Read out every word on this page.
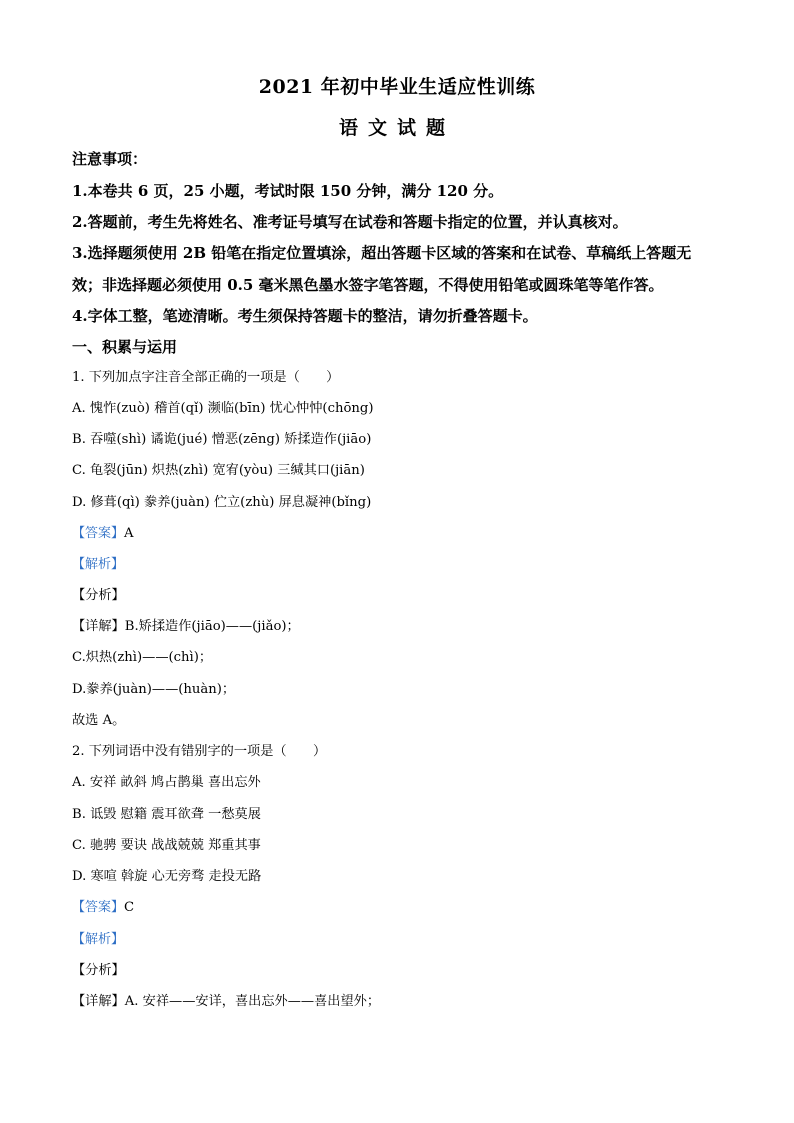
2021 年初中毕业生适应性训练
语文试题
注意事项：
1.本卷共 6 页，25 小题，考试时限 150 分钟，满分 120 分。
2.答题前，考生先将姓名、准考证号填写在试卷和答题卡指定的位置，并认真核对。
3.选择题须使用 2B 铅笔在指定位置填涂，超出答题卡区域的答案和在试卷、草稿纸上答题无
效；非选择题必须使用 0.5 毫米黑色墨水签字笔答题，不得使用铅笔或圆珠笔等笔作答。
4.字体工整，笔迹清晰。考生须保持答题卡的整洁，请勿折叠答题卡。
一、积累与运用
1. 下列加点字注音全部正确的一项是（　　）
A. 愧怍(zuò) 稽首(qǐ) 濒临(bīn) 忧心忡忡(chōng)
B. 吞噬(shì) 谲诡(jué) 憎恶(zēng) 矫揉造作(jiāo)
C. 龟裂(jūn) 炽热(zhì) 宽宥(yòu) 三缄其口(jiān)
D. 修葺(qì) 豢养(juàn) 伫立(zhù) 屏息凝神(bǐng)
【答案】A
【解析】
【分析】
【详解】B.矫揉造作(jiāo)——(jiǎo)；
C.炽热(zhì)——(chì)；
D.豢养(juàn)——(huàn)；
故选 A。
2. 下列词语中没有错别字的一项是（　　）
A. 安祥 畝斜 鸠占鹊巢 喜出忘外
B. 诋毁 慰籍 震耳欲聋 一愁莫展
C. 驰骋 要诀 战战兢兢 郑重其事
D. 寒喧 斡旋 心无旁骛 走投无路
【答案】C
【解析】
【分析】
【详解】A. 安祥——安详，喜出忘外——喜出望外；
